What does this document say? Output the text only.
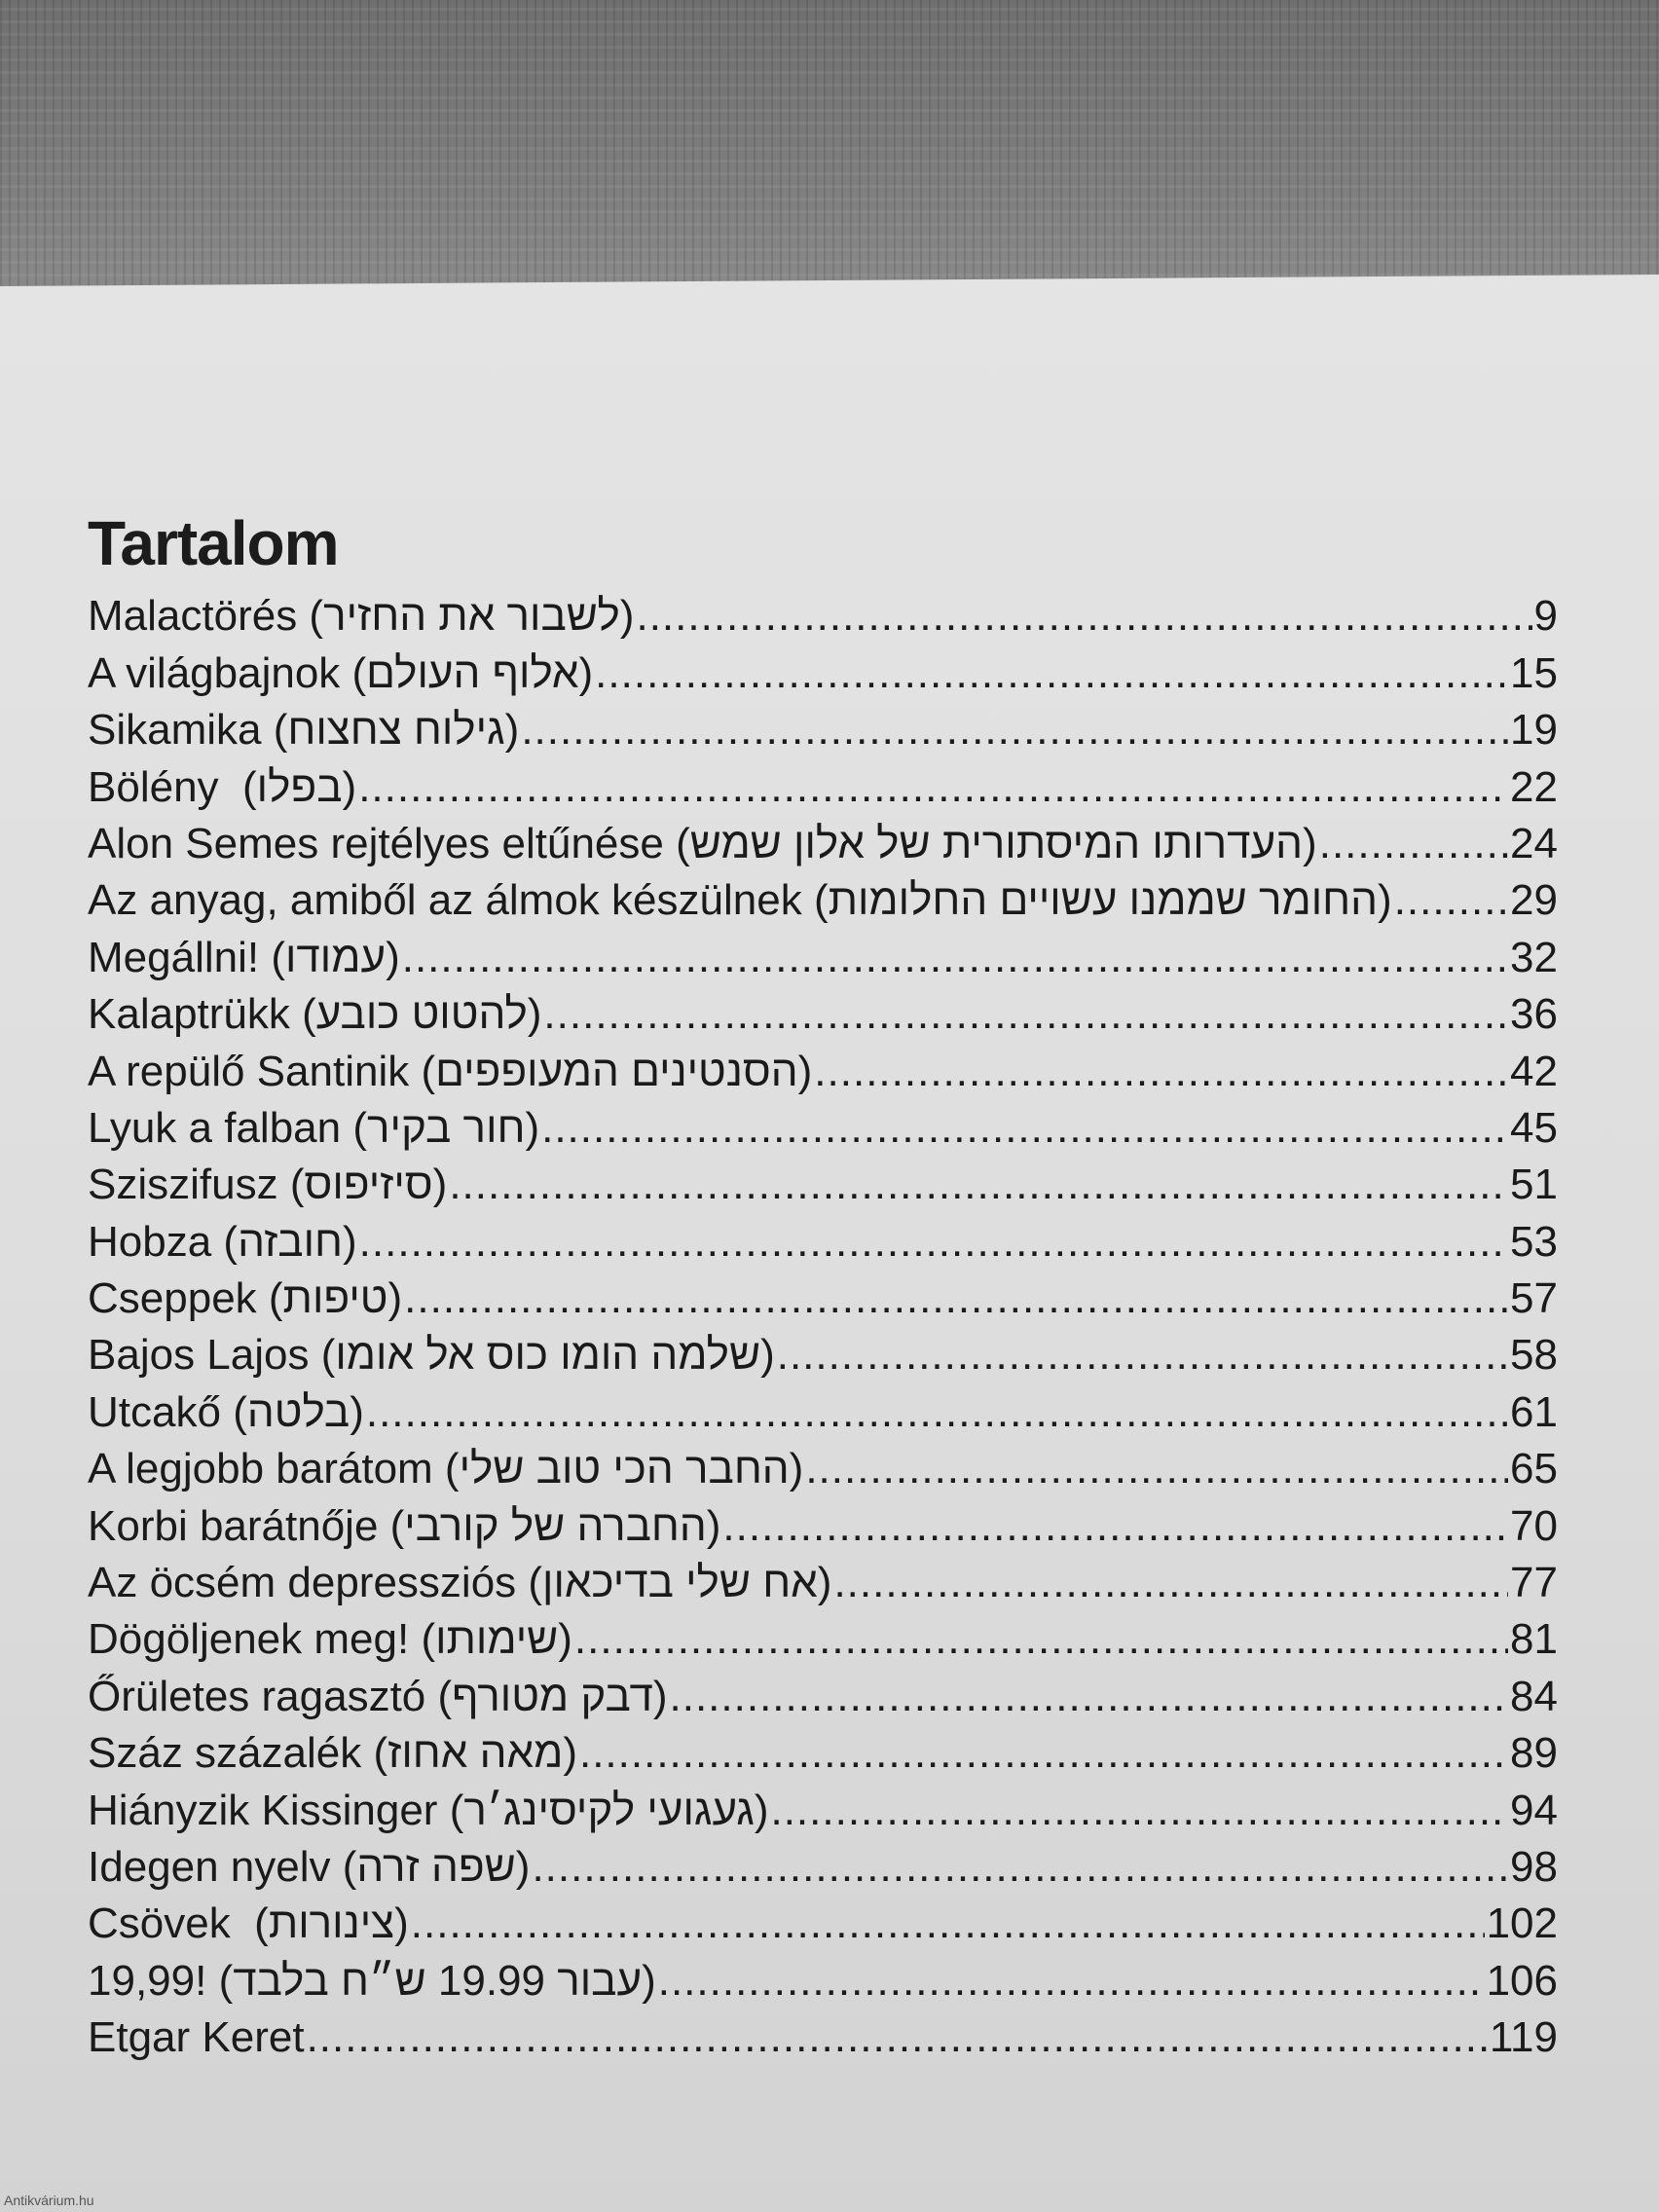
Tartalom
Malactörés (לשבור את החזיר) .....	9
A világbajnok (אלוף העולם) .....	15
Sikamika (גילוח צחצוח) .....	19
Bölény (בפלו) .....	22
Alon Semes rejtélyes eltűnése (העדרותו המיסתורית של אלון שמש) .....	24
Az anyag, amiből az álmok készülnek (החומר שממנו עשויים החלומות) .....	29
Megállni! (עמודו) .....	32
Kalaptrükk (להטוט כובע) .....	36
A repülő Santinik (הסנטינים המעופפים) .....	42
Lyuk a falban (חור בקיר) .....	45
Sziszifusz (סיזיפוס) .....	51
Hobza (חובזה) .....	53
Cseppek (טיפות) .....	57
Bajos Lajos (שלמה הומו כוס אל אומו) .....	58
Utcakő (בלטה) .....	61
A legjobb barátom (החבר הכי טוב שלי) .....	65
Korbi barátnője (החברה של קורבי) .....	70
Az öcsém depressziós (אח שלי בדיכאון) .....	77
Dögöljenek meg! (שימותו) .....	81
Őrületes ragasztó (דבק מטורף) .....	84
Száz százalék (מאה אחוז) .....	89
Hiányzik Kissinger (געגועי לקיסינג׳ר) .....	94
Idegen nyelv (שפה זרה) .....	98
Csövek (צינורות) .....	102
19,99! (עבור 19.99 ש״ח בלבד) .....	106
Etgar Keret .....	119
Antikvárium.hu
